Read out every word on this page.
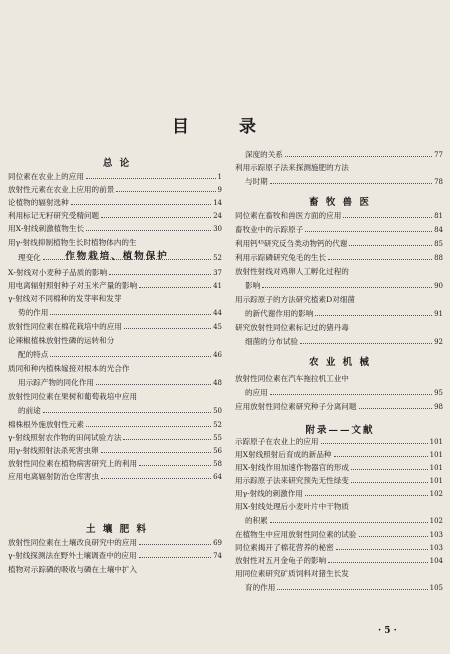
目 录
总 论
作物栽培、植物保护
土 壤 肥 料
同位素在农业上的应用	1
放射性元素在农业上应用的前景	9
论植物的辐射选种	14
利用标记无籽研究受精问题	24
用X-射线刺激植物生长	30
用γ-射线抑制植物生长时植物体内的生
理变化	52
Ⅹ-射线对小麦种子品质的影响	37
用电离辐射照射种子对玉米产量的影响	41
γ-射线对不同棉种的发芽率和发芽
势的作用	44
放射性同位素在棉花栽培中的应用	45
论辣椒植株放射性磷的运转和分
配的特点	46
质同和种内植株嫁接对根本的光合作
用示踪产物的同化作用	48
放射性同位素在果树和葡萄栽培中应用
的前途	50
棉株根外施放射性元素	52
γ-射线照射农作物的田间试验方法	55
用γ-射线照射法杀死害虫卵	56
放射性同位素在植物病害研究上的利用	58
应用电离辐射防治仓库害虫	64
放射性同位素在土壤改良研究中的应用	69
γ-射线探测法在野外土壤调查中的应用	74
植物对示踪磷的吸收与磷在土壤中扩入
畜 牧 兽 医
农 业 机 械
附录——文献
深度的关系	77
利用示踪原子法来探测施肥的方法
与时期	78
同位素在畜牧和兽医方面的应用	81
畜牧业中的示踪原子	84
利用钙⁴⁵研究反刍类动物钙的代谢	85
利用示踪磷研究兔毛的生长	88
放射性射线对鸡卵人工孵化过程的
影响	90
用示踪原子的方法研究植素D对细菌
的新代谢作用的影响	91
研究放射性同位素标记过的猪丹毒
细菌的分布试验	92
放射性同位素在汽车拖拉机工业中
的应用	95
应用放射性同位素研究种子分离问题	98
示踪原子在农业上的应用	101
用X射线照射后育成的新品种	101
用X-射线作用加速作物器官的形成	101
用示踪原子法来研究预先无性绿变	101
用γ-射线的刺激作用	102
用X-射线处理后小麦叶片中干物质
的积累	102
在植物生中应用放射性同位素的试验	103
同位素揭开了棉花营养的秘密	103
放射性对五月金龟子的影响	104
用同位素研究矿质饲料对猪生长发
育的作用	105
· 5 ·
